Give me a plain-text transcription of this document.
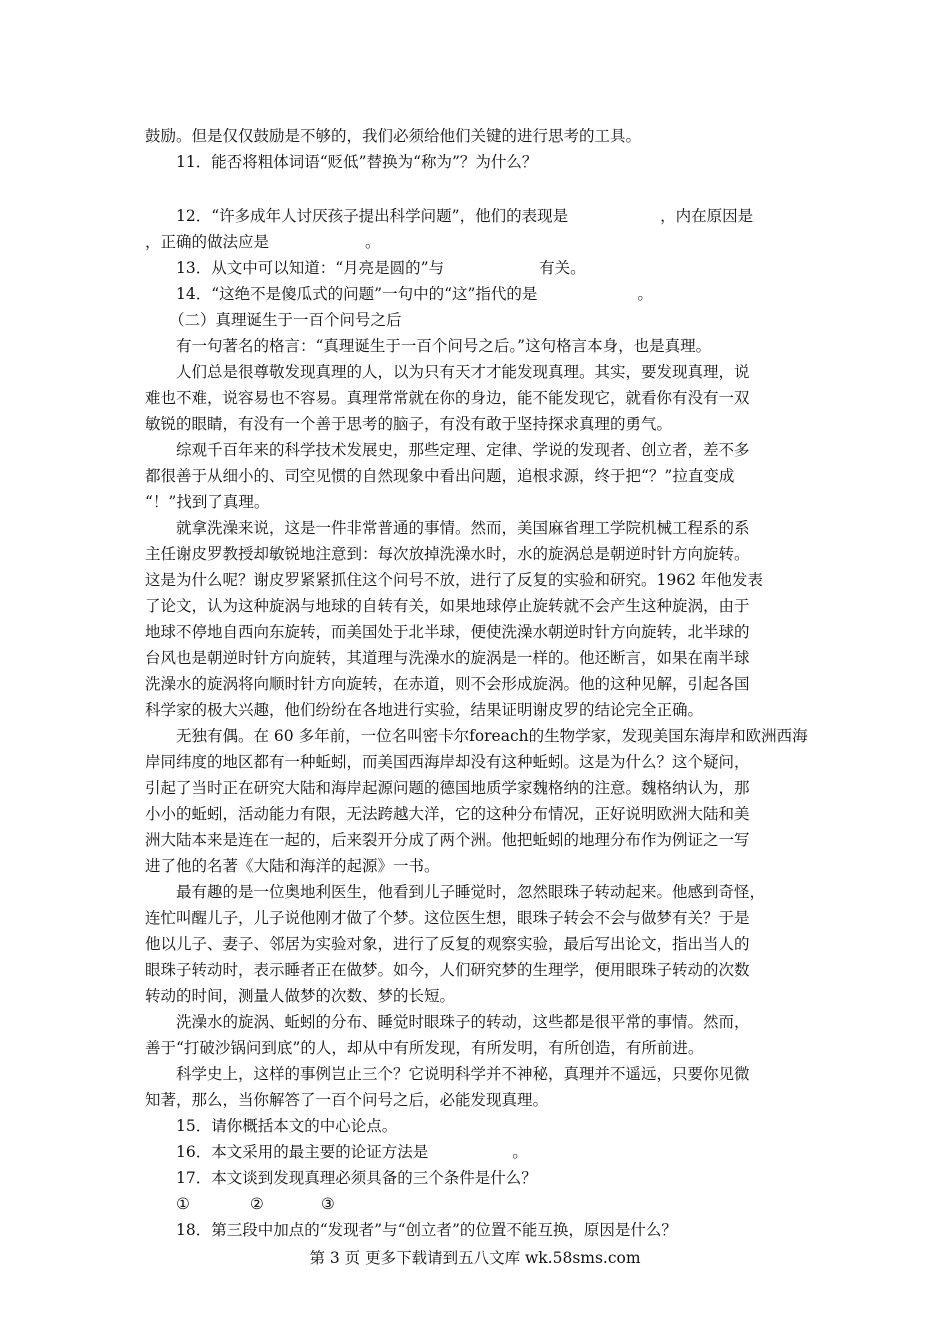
鼓励。但是仅仅鼓励是不够的，我们必须给他们关键的进行思考的工具。
11．能否将粗体词语“贬低”替换为“称为”？为什么？
12．“许多成年人讨厌孩子提出科学问题”，他们的表现是	，内在原因是
，正确的做法应是	。
13．从文中可以知道：“月亮是圆的”与	有关。
14．“这绝不是傻瓜式的问题”一句中的“这”指代的是	。
（二）真理诞生于一百个问号之后
有一句著名的格言：“真理诞生于一百个问号之后。”这句格言本身，也是真理。
人们总是很尊敬发现真理的人，以为只有天才才能发现真理。其实，要发现真理，说
难也不难，说容易也不容易。真理常常就在你的身边，能不能发现它，就看你有没有一双
敏锐的眼睛，有没有一个善于思考的脑子，有没有敢于坚持探求真理的勇气。
综观千百年来的科学技术发展史，那些定理、定律、学说的发现者、创立者，差不多
都很善于从细小的、司空见惯的自然现象中看出问题，追根求源，终于把“？”拉直变成
“！”找到了真理。
就拿洗澡来说，这是一件非常普通的事情。然而，美国麻省理工学院机械工程系的系
主任谢皮罗教授却敏锐地注意到：每次放掉洗澡水时，水的旋涡总是朝逆时针方向旋转。
这是为什么呢？谢皮罗紧紧抓住这个问号不放，进行了反复的实验和研究。1962 年他发表
了论文，认为这种旋涡与地球的自转有关，如果地球停止旋转就不会产生这种旋涡，由于
地球不停地自西向东旋转，而美国处于北半球，便使洗澡水朝逆时针方向旋转，北半球的
台风也是朝逆时针方向旋转，其道理与洗澡水的旋涡是一样的。他还断言，如果在南半球
洗澡水的旋涡将向顺时针方向旋转，在赤道，则不会形成旋涡。他的这种见解，引起各国
科学家的极大兴趣，他们纷纷在各地进行实验，结果证明谢皮罗的结论完全正确。
无独有偶。在 60 多年前，一位名叫密卡尔foreach的生物学家，发现美国东海岸和欧洲西海
岸同纬度的地区都有一种蚯蚓，而美国西海岸却没有这种蚯蚓。这是为什么？这个疑问，
引起了当时正在研究大陆和海岸起源问题的德国地质学家魏格纳的注意。魏格纳认为，那
小小的蚯蚓，活动能力有限，无法跨越大洋，它的这种分布情况，正好说明欧洲大陆和美
洲大陆本来是连在一起的，后来裂开分成了两个洲。他把蚯蚓的地理分布作为例证之一写
进了他的名著《大陆和海洋的起源》一书。
最有趣的是一位奥地利医生，他看到儿子睡觉时，忽然眼珠子转动起来。他感到奇怪，
连忙叫醒儿子，儿子说他刚才做了个梦。这位医生想，眼珠子转会不会与做梦有关？于是
他以儿子、妻子、邻居为实验对象，进行了反复的观察实验，最后写出论文，指出当人的
眼珠子转动时，表示睡者正在做梦。如今，人们研究梦的生理学，便用眼珠子转动的次数
转动的时间，测量人做梦的次数、梦的长短。
洗澡水的旋涡、蚯蚓的分布、睡觉时眼珠子的转动，这些都是很平常的事情。然而，
善于“打破沙锅问到底”的人，却从中有所发现，有所发明，有所创造，有所前进。
科学史上，这样的事例岂止三个？它说明科学并不神秘，真理并不遥远，只要你见微
知著，那么，当你解答了一百个问号之后，必能发现真理。
15．请你概括本文的中心论点。
16．本文采用的最主要的论证方法是	。
17．本文谈到发现真理必须具备的三个条件是什么？
①	②	③
18．第三段中加点的“发现者”与“创立者”的位置不能互换，原因是什么？
第 3 页 更多下载请到五八文库 wk.58sms.com
